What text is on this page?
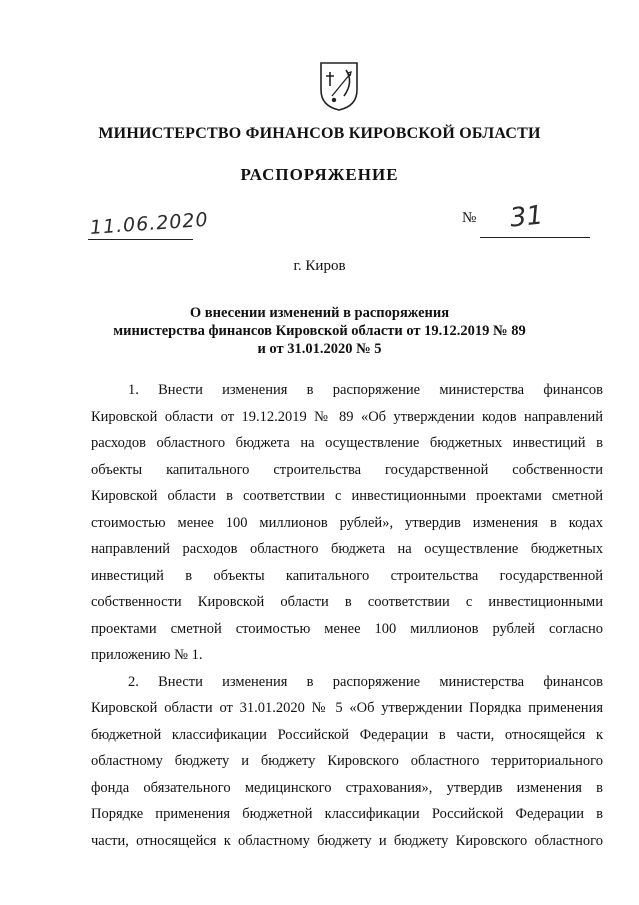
МИНИСТЕРСТВО ФИНАНСОВ КИРОВСКОЙ ОБЛАСТИ
РАСПОРЯЖЕНИЕ
11.06.2020	№ 31
г. Киров
О внесении изменений в распоряжения
министерства финансов Кировской области от 19.12.2019 № 89
и от 31.01.2020 № 5
1. Внести изменения в распоряжение министерства финансов
Кировской области от 19.12.2019 № 89 «Об утверждении кодов направлений
расходов областного бюджета на осуществление бюджетных инвестиций в
объекты капитального строительства государственной собственности
Кировской области в соответствии с инвестиционными проектами сметной
стоимостью менее 100 миллионов рублей», утвердив изменения в кодах
направлений расходов областного бюджета на осуществление бюджетных
инвестиций в объекты капитального строительства государственной
собственности Кировской области в соответствии с инвестиционными
проектами сметной стоимостью менее 100 миллионов рублей согласно
приложению № 1.
2. Внести изменения в распоряжение министерства финансов
Кировской области от 31.01.2020 № 5 «Об утверждении Порядка применения
бюджетной классификации Российской Федерации в части, относящейся к
областному бюджету и бюджету Кировского областного территориального
фонда обязательного медицинского страхования», утвердив изменения в
Порядке применения бюджетной классификации Российской Федерации в
части, относящейся к областному бюджету и бюджету Кировского областного
